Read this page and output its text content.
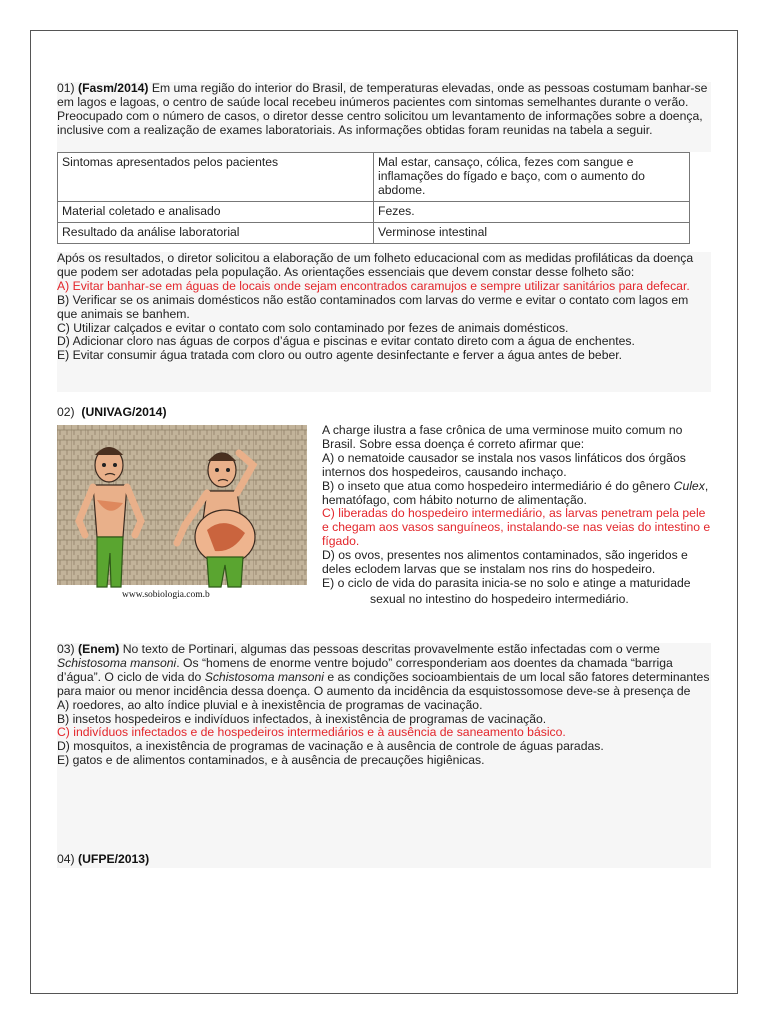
01) (Fasm/2014) Em uma região do interior do Brasil, de temperaturas elevadas, onde as pessoas costumam banhar-se em lagos e lagoas, o centro de saúde local recebeu inúmeros pacientes com sintomas semelhantes durante o verão. Preocupado com o número de casos, o diretor desse centro solicitou um levantamento de informações sobre a doença, inclusive com a realização de exames laboratoriais. As informações obtidas foram reunidas na tabela a seguir.
Sintomas apresentados pelos pacientes	Mal estar, cansaço, cólica, fezes com sangue e inflamações do fígado e baço, com o aumento do abdome.
Material coletado e analisado	Fezes.
Resultado da análise laboratorial	Verminose intestinal
Após os resultados, o diretor solicitou a elaboração de um folheto educacional com as medidas profiláticas da doença que podem ser adotadas pela população. As orientações essenciais que devem constar desse folheto são:
A) Evitar banhar-se em águas de locais onde sejam encontrados caramujos e sempre utilizar sanitários para defecar.
B) Verificar se os animais domésticos não estão contaminados com larvas do verme e evitar o contato com lagos em que animais se banhem.
C) Utilizar calçados e evitar o contato com solo contaminado por fezes de animais domésticos.
D) Adicionar cloro nas águas de corpos d’água e piscinas e evitar contato direto com a água de enchentes.
E) Evitar consumir água tratada com cloro ou outro agente desinfectante e ferver a água antes de beber.
02) (UNIVAG/2014)
www.sobiologia.com.b
A charge ilustra a fase crônica de uma verminose muito comum no Brasil. Sobre essa doença é correto afirmar que:
A) o nematoide causador se instala nos vasos linfáticos dos órgãos internos dos hospedeiros, causando inchaço.
B) o inseto que atua como hospedeiro intermediário é do gênero Culex, hematófago, com hábito noturno de alimentação.
C) liberadas do hospedeiro intermediário, as larvas penetram pela pele e chegam aos vasos sanguíneos, instalando-se nas veias do intestino e fígado.
D) os ovos, presentes nos alimentos contaminados, são ingeridos e deles eclodem larvas que se instalam nos rins do hospedeiro.
E) o ciclo de vida do parasita inicia-se no solo e atinge a maturidade
sexual no intestino do hospedeiro intermediário.
03) (Enem) No texto de Portinari, algumas das pessoas descritas provavelmente estão infectadas com o verme Schistosoma mansoni. Os “homens de enorme ventre bojudo” corresponderiam aos doentes da chamada “barriga d’água”. O ciclo de vida do Schistosoma mansoni e as condições socioambientais de um local são fatores determinantes para maior ou menor incidência dessa doença. O aumento da incidência da esquistossomose deve-se à presença de
A) roedores, ao alto índice pluvial e à inexistência de programas de vacinação.
B) insetos hospedeiros e indivíduos infectados, à inexistência de programas de vacinação.
C) indivíduos infectados e de hospedeiros intermediários e à ausência de saneamento básico.
D) mosquitos, a inexistência de programas de vacinação e à ausência de controle de águas paradas.
E) gatos e de alimentos contaminados, e à ausência de precauções higiênicas.
04) (UFPE/2013)
